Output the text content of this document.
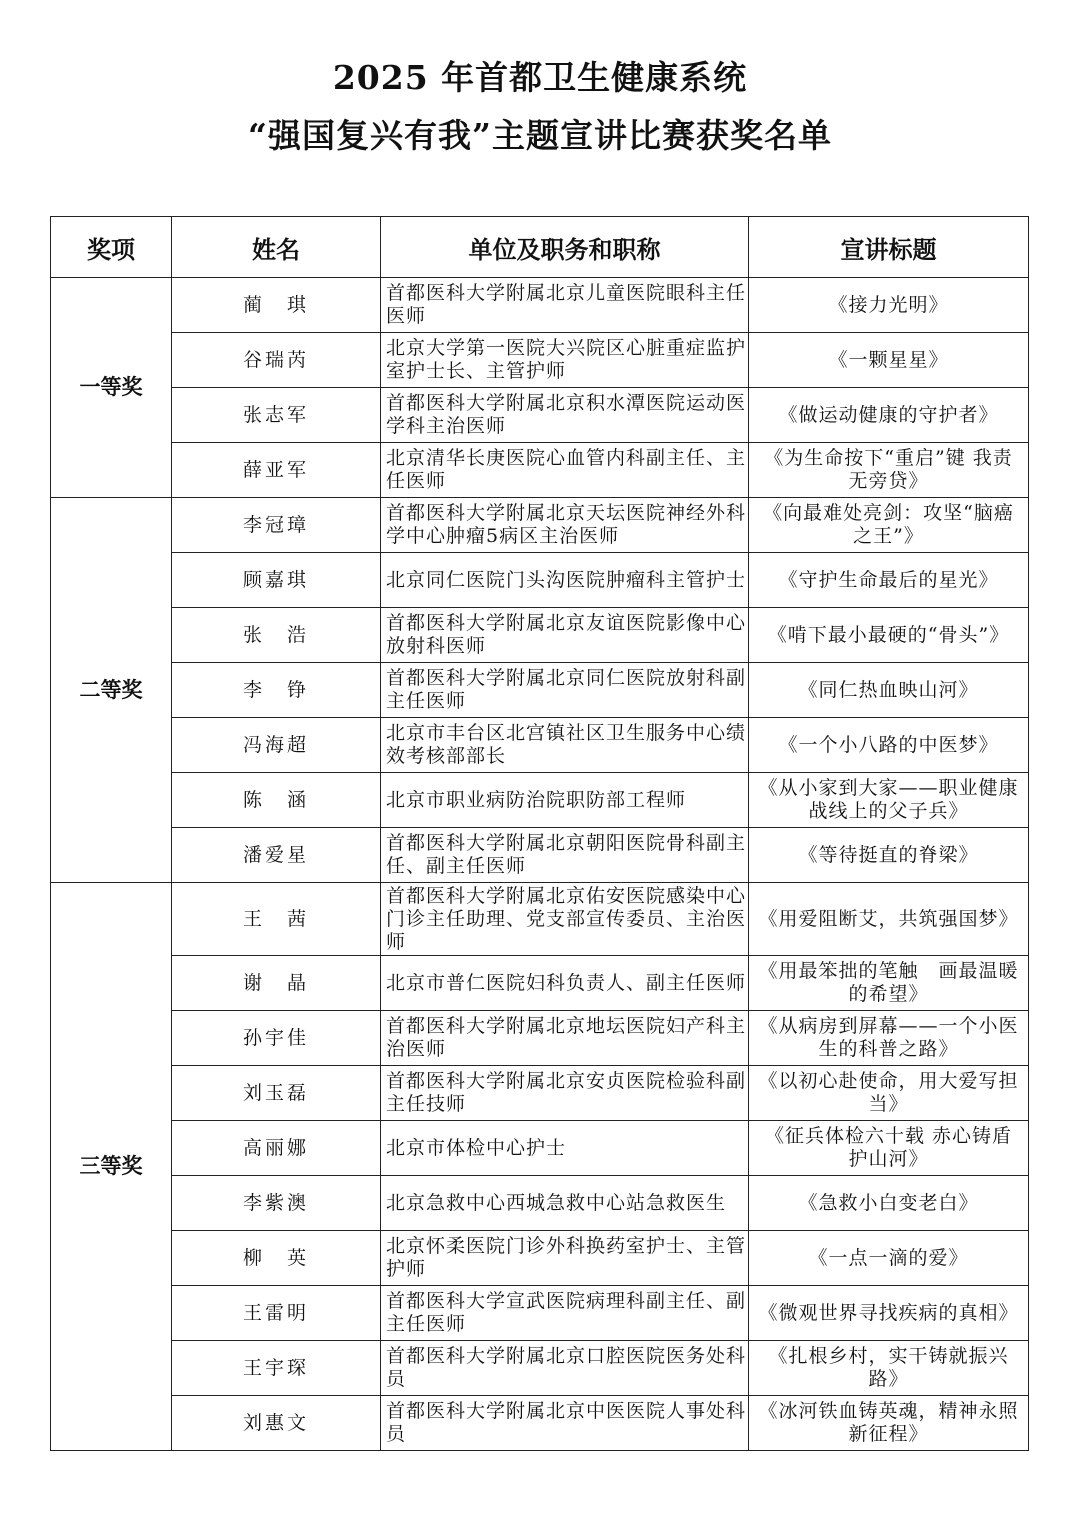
2025 年首都卫生健康系统
“强国复兴有我”主题宣讲比赛获奖名单
奖项	姓名	单位及职务和职称	宣讲标题
一等奖	蔺　琪	首都医科大学附属北京儿童医院眼科主任医师	《接力光明》
	谷瑞芮	北京大学第一医院大兴院区心脏重症监护室护士长、主管护师	《一颗星星》
	张志军	首都医科大学附属北京积水潭医院运动医学科主治医师	《做运动健康的守护者》
	薛亚军	北京清华长庚医院心血管内科副主任、主任医师	《为生命按下“重启”键 我责无旁贷》
二等奖	李冠璋	首都医科大学附属北京天坛医院神经外科学中心肿瘤5病区主治医师	《向最难处亮剑：攻坚“脑癌之王”》
	顾嘉琪	北京同仁医院门头沟医院肿瘤科主管护士	《守护生命最后的星光》
	张　浩	首都医科大学附属北京友谊医院影像中心放射科医师	《啃下最小最硬的“骨头”》
	李　铮	首都医科大学附属北京同仁医院放射科副主任医师	《同仁热血映山河》
	冯海超	北京市丰台区北宫镇社区卫生服务中心绩效考核部部长	《一个小八路的中医梦》
	陈　涵	北京市职业病防治院职防部工程师	《从小家到大家——职业健康战线上的父子兵》
	潘爱星	首都医科大学附属北京朝阳医院骨科副主任、副主任医师	《等待挺直的脊梁》
三等奖	王　茜	首都医科大学附属北京佑安医院感染中心门诊主任助理、党支部宣传委员、主治医师	《用爱阻断艾，共筑强国梦》
	谢　晶	北京市普仁医院妇科负责人、副主任医师	《用最笨拙的笔触　画最温暖的希望》
	孙宇佳	首都医科大学附属北京地坛医院妇产科主治医师	《从病房到屏幕——一个小医生的科普之路》
	刘玉磊	首都医科大学附属北京安贞医院检验科副主任技师	《以初心赴使命，用大爱写担当》
	高丽娜	北京市体检中心护士	《征兵体检六十载 赤心铸盾护山河》
	李紫澳	北京急救中心西城急救中心站急救医生	《急救小白变老白》
	柳　英	北京怀柔医院门诊外科换药室护士、主管护师	《一点一滴的爱》
	王雷明	首都医科大学宣武医院病理科副主任、副主任医师	《微观世界寻找疾病的真相》
	王宇琛	首都医科大学附属北京口腔医院医务处科员	《扎根乡村，实干铸就振兴路》
	刘惠文	首都医科大学附属北京中医医院人事处科员	《冰河铁血铸英魂，精神永照新征程》
